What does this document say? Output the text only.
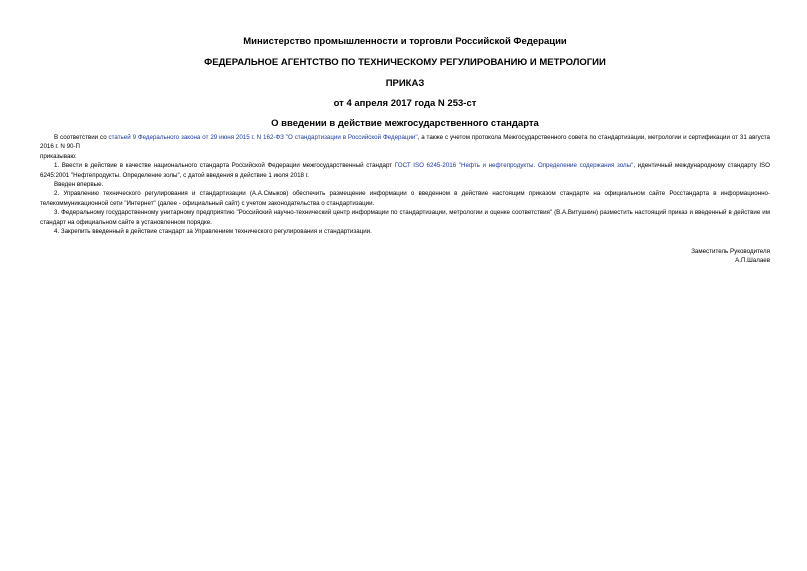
Министерство промышленности и торговли Российской Федерации
ФЕДЕРАЛЬНОЕ АГЕНТСТВО ПО ТЕХНИЧЕСКОМУ РЕГУЛИРОВАНИЮ И МЕТРОЛОГИИ
ПРИКАЗ
от 4 апреля 2017 года N 253-ст
О введении в действие межгосударственного стандарта

В соответствии со статьей 9 Федерального закона от 29 июня 2015 г. N 162-ФЗ "О стандартизации в Российской Федерации", а также с учетом протокола Межгосударственного совета по стандартизации, метрологии и сертификации от 31 августа 2016 г. N 90-П

приказываю:

1. Ввести в действие в качестве национального стандарта Российской Федерации межгосударственный стандарт ГОСТ ISO 6245-2016 "Нефть и нефтепродукты. Определение содержания золы", идентичный международному стандарту ISO 6245:2001 "Нефтепродукты. Определение золы", с датой введения в действие 1 июля 2018 г.

Введен впервые.

2. Управлению технического регулирования и стандартизации (А.А.Смыков) обеспечить размещение информации о введенном в действие настоящим приказом стандарте на официальном сайте Росстандарта в информационно-телекоммуникационной сети "Интернет" (далее - официальный сайт) с учетом законодательства о стандартизации.

3. Федеральному государственному унитарному предприятию "Российский научно-технический центр информации по стандартизации, метрологии и оценке соответствия" (В.А.Витушкин) разместить настоящий приказ и введенный в действие им стандарт на официальном сайте в установленном порядке.

4. Закрепить введенный в действие стандарт за Управлением технического регулирования и стандартизации.

Заместитель Руководителя
А.П.Шалаев
